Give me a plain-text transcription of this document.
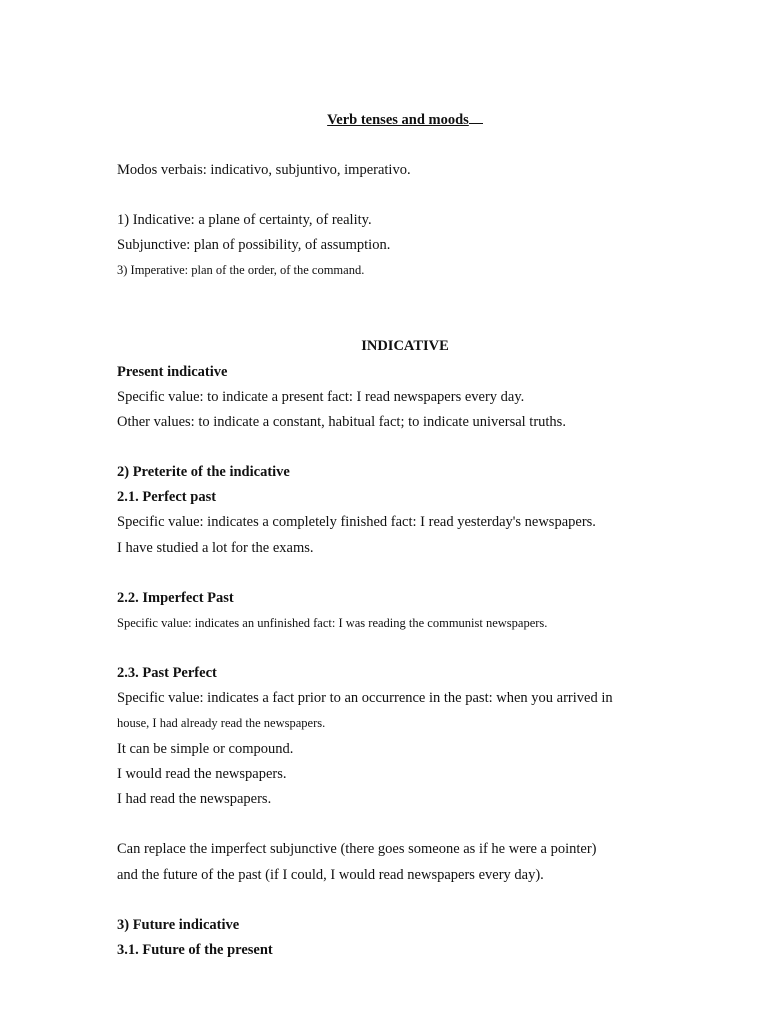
Verb tenses and moods
Modos verbais: indicativo, subjuntivo, imperativo.
1) Indicative: a plane of certainty, of reality.
Subjunctive: plan of possibility, of assumption.
3) Imperative: plan of the order, of the command.
INDICATIVE
Present indicative
Specific value: to indicate a present fact: I read newspapers every day.
Other values: to indicate a constant, habitual fact; to indicate universal truths.
2) Preterite of the indicative
2.1. Perfect past
Specific value: indicates a completely finished fact: I read yesterday's newspapers.
I have studied a lot for the exams.
2.2. Imperfect Past
Specific value: indicates an unfinished fact: I was reading the communist newspapers.
2.3. Past Perfect
Specific value: indicates a fact prior to an occurrence in the past: when you arrived in
house, I had already read the newspapers.
It can be simple or compound.
I would read the newspapers.
I had read the newspapers.
Can replace the imperfect subjunctive (there goes someone as if he were a pointer)
and the future of the past (if I could, I would read newspapers every day).
3) Future indicative
3.1. Future of the present
